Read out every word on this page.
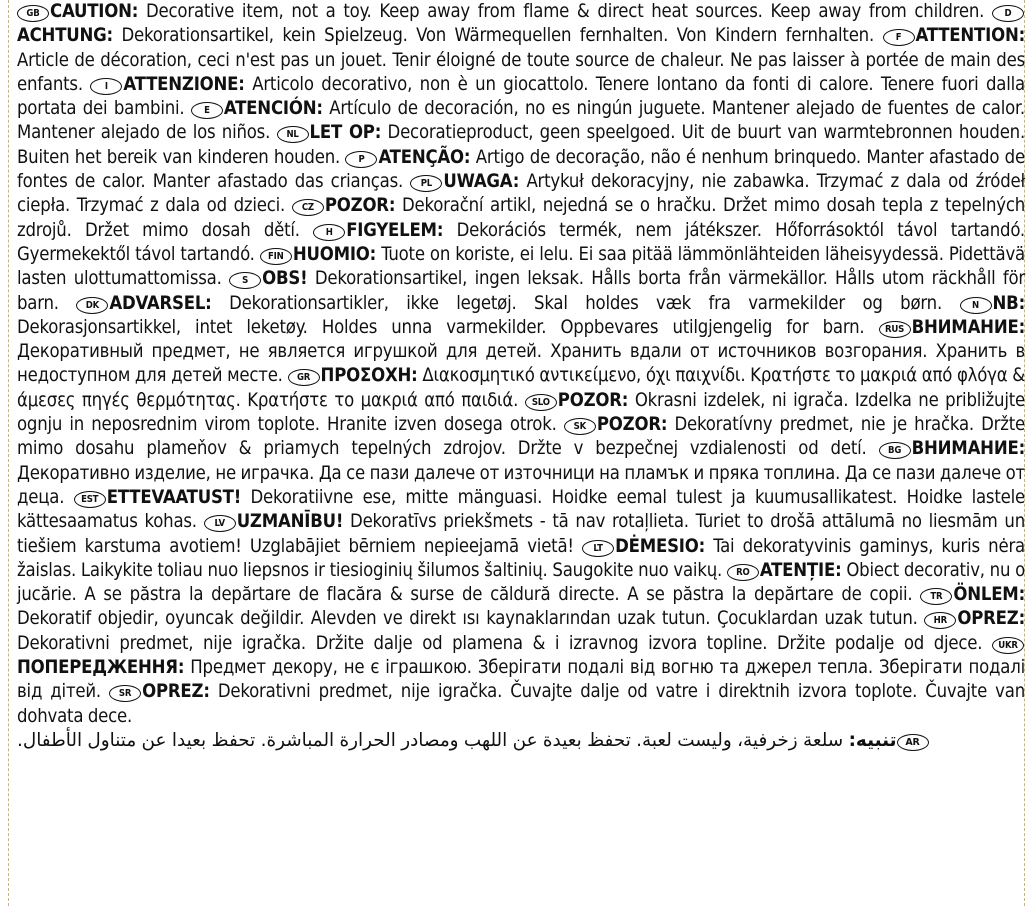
GB CAUTION: Decorative item, not a toy. Keep away from flame & direct heat sources. Keep away from children. DACHTUNG: Dekorationsartikel, kein Spielzeug. Von Wärmequellen fernhalten. Von Kindern fernhalten. F ATTENTION: Article de décoration, ceci n'est pas un jouet. Tenir éloigné de toute source de chaleur. Ne pas laisser à portée de main des enfants. I ATTENZIONE: Articolo decorativo, non è un giocattolo. Tenere lontano da fonti di calore. Tenere fuori dalla portata dei bambini. E ATENCIÓN: Artículo de decoración, no es ningún juguete. Mantener alejado de fuentes de calor. Mantener alejado de los niños. NL LET OP: Decoratieproduct, geen speelgoed. Uit de buurt van warmtebronnen houden. Buiten het bereik van kinderen houden. P ATENÇÃO: Artigo de decoração, não é nenhum brinquedo. Manter afastado de fontes de calor. Manter afastado das crianças. PL UWAGA: Artykuł dekoracyjny, nie zabawka. Trzymać z dala od źródeł ciepła. Trzymać z dala od dzieci. CZ POZOR: Dekorační artikl, nejedná se o hračku. Držet mimo dosah tepla z tepelných zdrojů. Držet mimo dosah dětí.	H FIGYELEM: Dekorációs termék, nem játékszer. Hőforrásoktól távol tartandó. Gyermekektől távol tartandó. FIN HUOMIO: Tuote on koriste, ei lelu. Ei saa pitää lämmönlähteiden läheisyydessä. Pidettävä lasten ulottumattomissa. S OBS! Dekorationsartikel, ingen leksak. Hålls borta från värmekällor. Hålls utom räckhåll för barn.	DK ADVARSEL: Dekorationsartikler, ikke legetøj. Skal holdes væk fra varmekilder og børn.	N NB: Dekorasjonsartikkel, intet leketøy. Holdes unna varmekilder. Oppbevares utilgjengelig for barn. RUS ВНИМАНИЕ: Декоративный предмет, не является игрушкой для детей. Хранить вдали от источников возгорания. Хранить в недоступном для детей месте. GR ΠΡΟΣΟΧΗ: Διακοσμητικό αντικείμενο, όχι παιχνίδι. Κρατήστε το μακριά από φλόγα & άμεσες πηγές θερμότητας. Κρατήστε το μακριά από παιδιά. SLO POZOR: Okrasni izdelek, ni igrača. Izdelka ne približujte ognju in neposrednim virom toplote. Hranite izven dosega otrok. SK POZOR: Dekoratívny predmet, nie je hračka. Držte mimo dosahu plameňov & priamych tepelných zdrojov. Držte v bezpečnej vzdialenosti od detí. BG ВНИМАНИЕ: Декоративно изделие, не играчка. Да се пази далече от източници на пламък и пряка топлина. Да се пази далече от деца. EST ETTEVAATUST! Dekoratiivne ese, mitte mänguasi. Hoidke eemal tulest ja kuumusallikatest. Hoidke lastele kättesaamatus kohas. LV UZMANĪBU! Dekoratīvs priekšmets - tā nav rotaļlieta. Turiet to drošā attālumā no liesmām un tiešiem karstuma avotiem! Uzglabājiet bērniem nepieejamā vietā! LT DĖMESIO: Tai dekoratyvinis gaminys, kuris nėra žaislas. Laikykite toliau nuo liepsnos ir tiesioginių šilumos šaltinių. Saugokite nuo vaikų. RO ATENȚIE: Obiect decorativ, nu o jucărie. A se păstra la depărtare de flacăra & surse de căldură directe. A se păstra la depărtare de copii. TR ÖNLEM: Dekoratif objedir, oyuncak değildir. Alevden ve direkt ısı kaynaklarından uzak tutun. Çocuklardan uzak tutun. HR OPREZ: Dekorativni predmet, nije igračka. Držite dalje od plamena & i izravnog izvora topline. Držite podalje od djece. UKRПОПЕРЕДЖЕННЯ: Предмет декору, не є іграшкою. Зберігати подалі від вогню та джерел тепла. Зберігати подалі від дітей. SR OPREZ: Dekorativni predmet, nije igračka. Čuvajte dalje od vatre i direktnih izvora toplote. Čuvajte van dohvata dece.
ARتنبيه: سلعة زخرفية، وليست لعبة. تحفظ بعيدة عن اللهب ومصادر الحرارة المباشرة. تحفظ بعيدا عن متناول الأطفال.
